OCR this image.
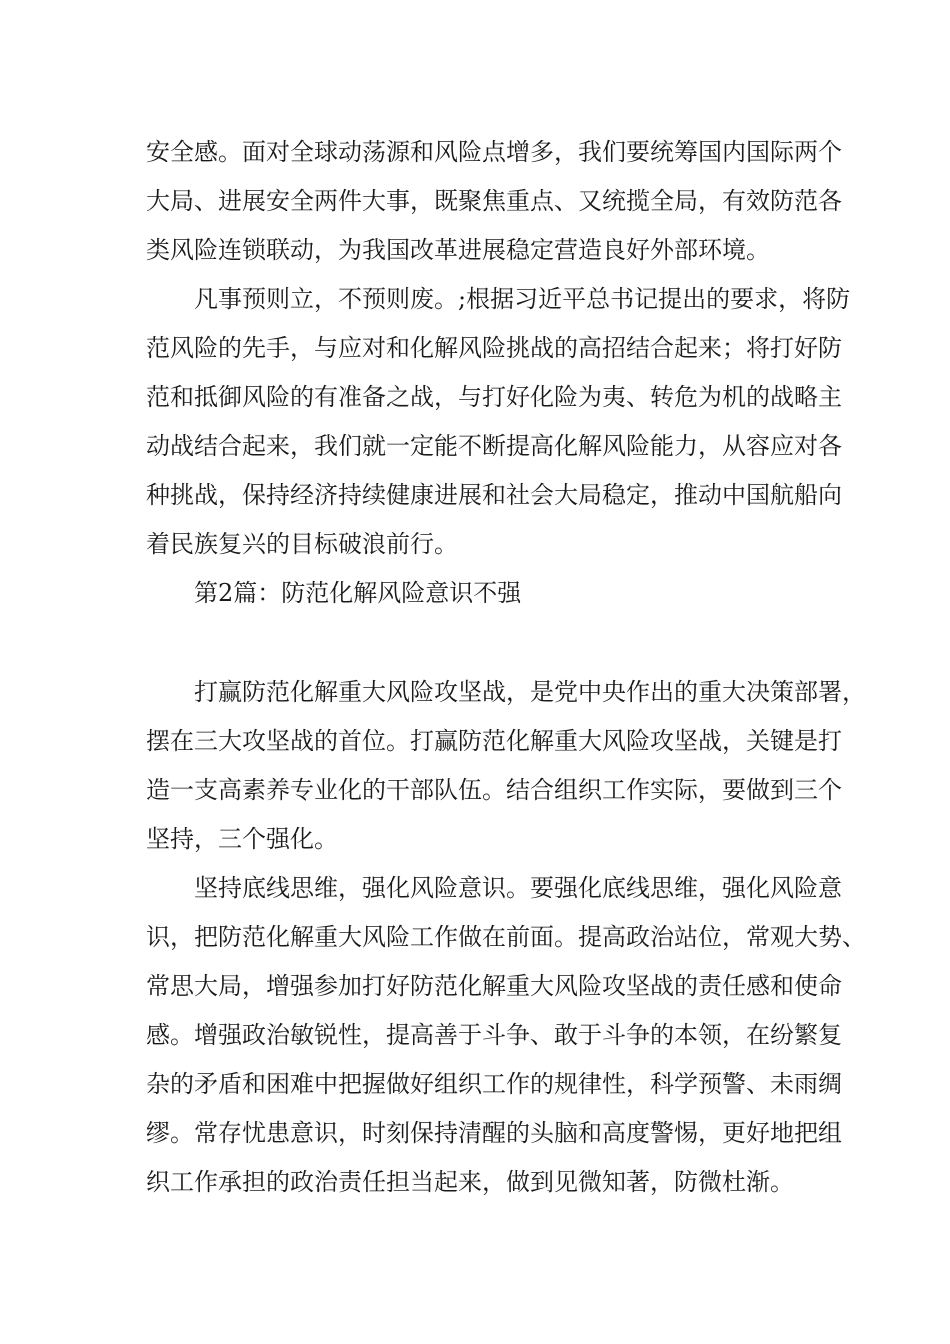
安全感。面对全球动荡源和风险点增多，我们要统筹国内国际两个
大局、进展安全两件大事，既聚焦重点、又统揽全局，有效防范各
类风险连锁联动，为我国改革进展稳定营造良好外部环境。
凡事预则立，不预则废。;根据习近平总书记提出的要求，将防
范风险的先手，与应对和化解风险挑战的高招结合起来；将打好防
范和抵御风险的有准备之战，与打好化险为夷、转危为机的战略主
动战结合起来，我们就一定能不断提高化解风险能力，从容应对各
种挑战，保持经济持续健康进展和社会大局稳定，推动中国航船向
着民族复兴的目标破浪前行。
第2篇：防范化解风险意识不强
打赢防范化解重大风险攻坚战，是党中央作出的重大决策部署，
摆在三大攻坚战的首位。打赢防范化解重大风险攻坚战，关键是打
造一支高素养专业化的干部队伍。结合组织工作实际，要做到三个
坚持，三个强化。
坚持底线思维，强化风险意识。要强化底线思维，强化风险意
识，把防范化解重大风险工作做在前面。提高政治站位，常观大势、
常思大局，增强参加打好防范化解重大风险攻坚战的责任感和使命
感。增强政治敏锐性，提高善于斗争、敢于斗争的本领，在纷繁复
杂的矛盾和困难中把握做好组织工作的规律性，科学预警、未雨绸
缪。常存忧患意识，时刻保持清醒的头脑和高度警惕，更好地把组
织工作承担的政治责任担当起来，做到见微知著，防微杜渐。
